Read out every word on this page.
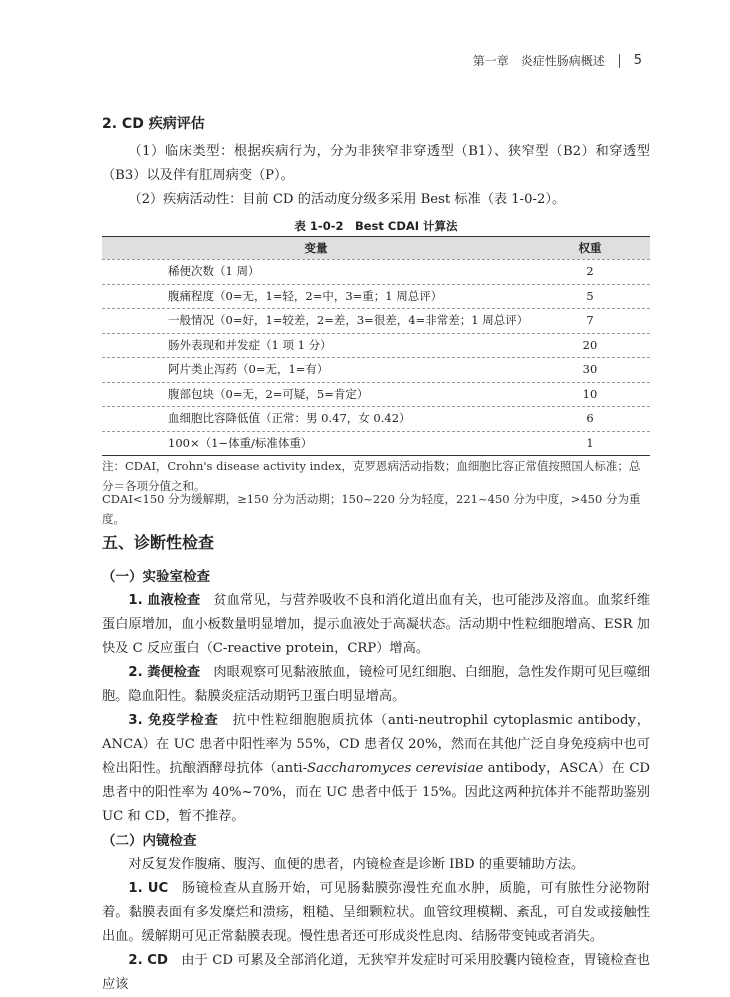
第一章　炎症性肠病概述 5
2. CD 疾病评估

（1）临床类型：根据疾病行为，分为非狭窄非穿透型（B1）、狭窄型（B2）和穿透型（B3）以及伴有肛周病变（P）。

（2）疾病活动性：目前 CD 的活动度分级多采用 Best 标准（表 1-0-2）。

表 1-0-2　Best CDAI 计算法
变量	权重
稀便次数（1 周）	2
腹痛程度（0=无，1=轻，2=中，3=重；1 周总评）	5
一般情况（0=好，1=较差，2=差，3=很差，4=非常差；1 周总评）	7
肠外表现和并发症（1 项 1 分）	20
阿片类止泻药（0=无，1=有）	30
腹部包块（0=无，2=可疑，5=肯定）	10
血细胞比容降低值（正常：男 0.47，女 0.42）	6
100×（1−体重/标准体重）	1
注：CDAI，Crohn's disease activity index，克罗恩病活动指数；血细胞比容正常值按照国人标准；总分＝各项分值之和。
CDAI<150 分为缓解期，≥150 分为活动期；150~220 分为轻度，221~450 分为中度，>450 分为重度。
五、诊断性检查
（一）实验室检查

1. 血液检查 贫血常见，与营养吸收不良和消化道出血有关，也可能涉及溶血。血浆纤维蛋白原增加，血小板数量明显增加，提示血液处于高凝状态。活动期中性粒细胞增高、ESR 加快及 C 反应蛋白（C-reactive protein，CRP）增高。

2. 粪便检查 肉眼观察可见黏液脓血，镜检可见红细胞、白细胞，急性发作期可见巨噬细胞。隐血阳性。黏膜炎症活动期钙卫蛋白明显增高。

3. 免疫学检查 抗中性粒细胞胞质抗体（anti-neutrophil cytoplasmic antibody，ANCA）在 UC 患者中阳性率为 55%，CD 患者仅 20%，然而在其他广泛自身免疫病中也可检出阳性。抗酿酒酵母抗体（anti-Saccharomyces cerevisiae antibody，ASCA）在 CD 患者中的阳性率为 40%~70%，而在 UC 患者中低于 15%。因此这两种抗体并不能帮助鉴别 UC 和 CD，暂不推荐。

（二）内镜检查

对反复发作腹痛、腹泻、血便的患者，内镜检查是诊断 IBD 的重要辅助方法。

1. UC 肠镜检查从直肠开始，可见肠黏膜弥漫性充血水肿，质脆，可有脓性分泌物附着。黏膜表面有多发糜烂和溃疡，粗糙、呈细颗粒状。血管纹理模糊、紊乱，可自发或接触性出血。缓解期可见正常黏膜表现。慢性患者还可形成炎性息肉、结肠带变钝或者消失。

2. CD 由于 CD 可累及全部消化道，无狭窄并发症时可采用胶囊内镜检查，胃镜检查也应该
